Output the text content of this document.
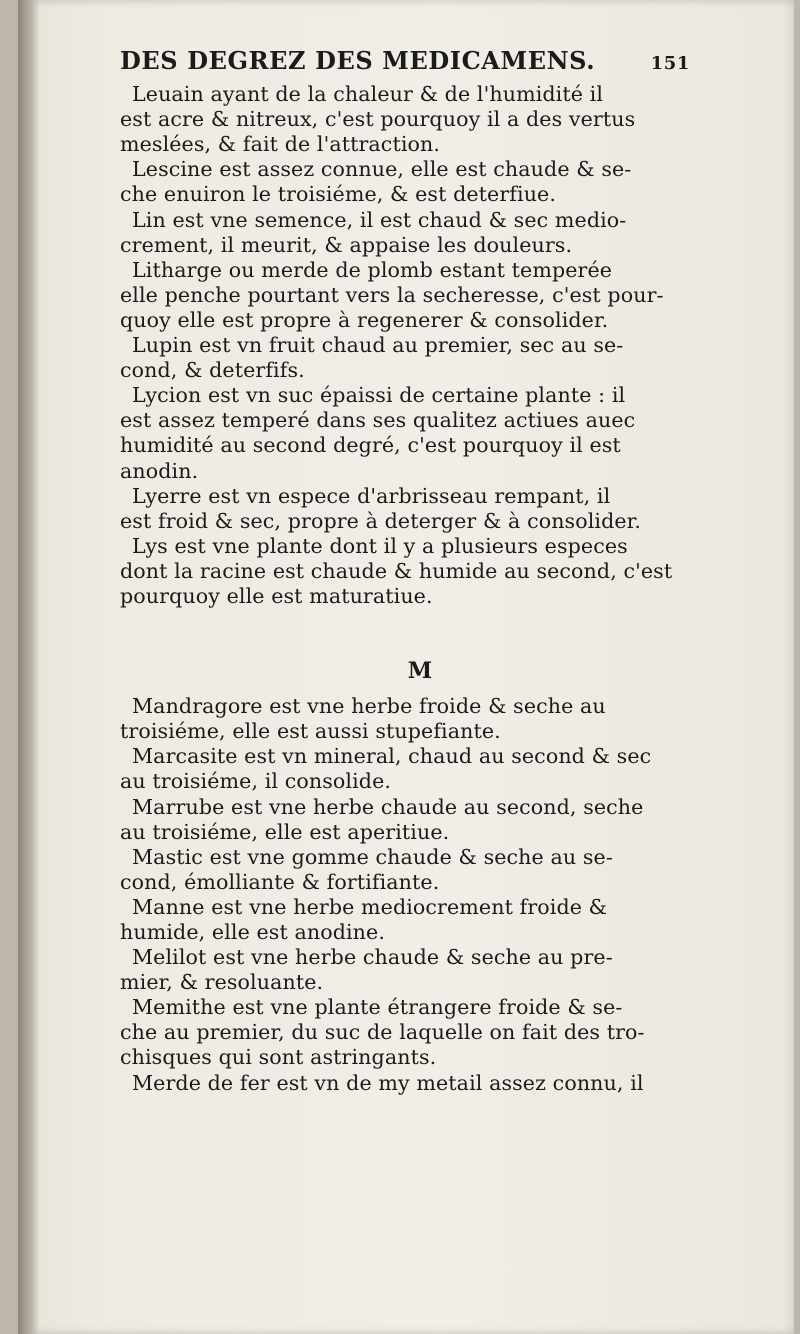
DES DEGREZ DES MEDICAMENS.	151
Leuain ayant de la chaleur & de l'humidité il
est acre & nitreux, c'est pourquoy il a des vertus
meslées, & fait de l'attraction.
Lescine est assez connue, elle est chaude & se-
che enuiron le troisiéme, & est deterfiue.
Lin est vne semence, il est chaud & sec medio-
crement, il meurit, & appaise les douleurs.
Litharge ou merde de plomb estant temperée
elle penche pourtant vers la secheresse, c'est pour-
quoy elle est propre à regenerer & consolider.
Lupin est vn fruit chaud au premier, sec au se-
cond, & deterfifs.
Lycion est vn suc épaissi de certaine plante : il
est assez temperé dans ses qualitez actiues auec
humidité au second degré, c'est pourquoy il est
anodin.
Lyerre est vn espece d'arbrisseau rempant, il
est froid & sec, propre à deterger & à consolider.
Lys est vne plante dont il y a plusieurs especes
dont la racine est chaude & humide au second, c'est
pourquoy elle est maturatiue.
M
Mandragore est vne herbe froide & seche au
troisiéme, elle est aussi stupefiante.
Marcasite est vn mineral, chaud au second & sec
au troisiéme, il consolide.
Marrube est vne herbe chaude au second, seche
au troisiéme, elle est aperitiue.
Mastic est vne gomme chaude & seche au se-
cond, émolliante & fortifiante.
Manne est vne herbe mediocrement froide &
humide, elle est anodine.
Melilot est vne herbe chaude & seche au pre-
mier, & resoluante.
Memithe est vne plante étrangere froide & se-
che au premier, du suc de laquelle on fait des tro-
chisques qui sont astringants.
Merde de fer est vn de my metail assez connu, il
